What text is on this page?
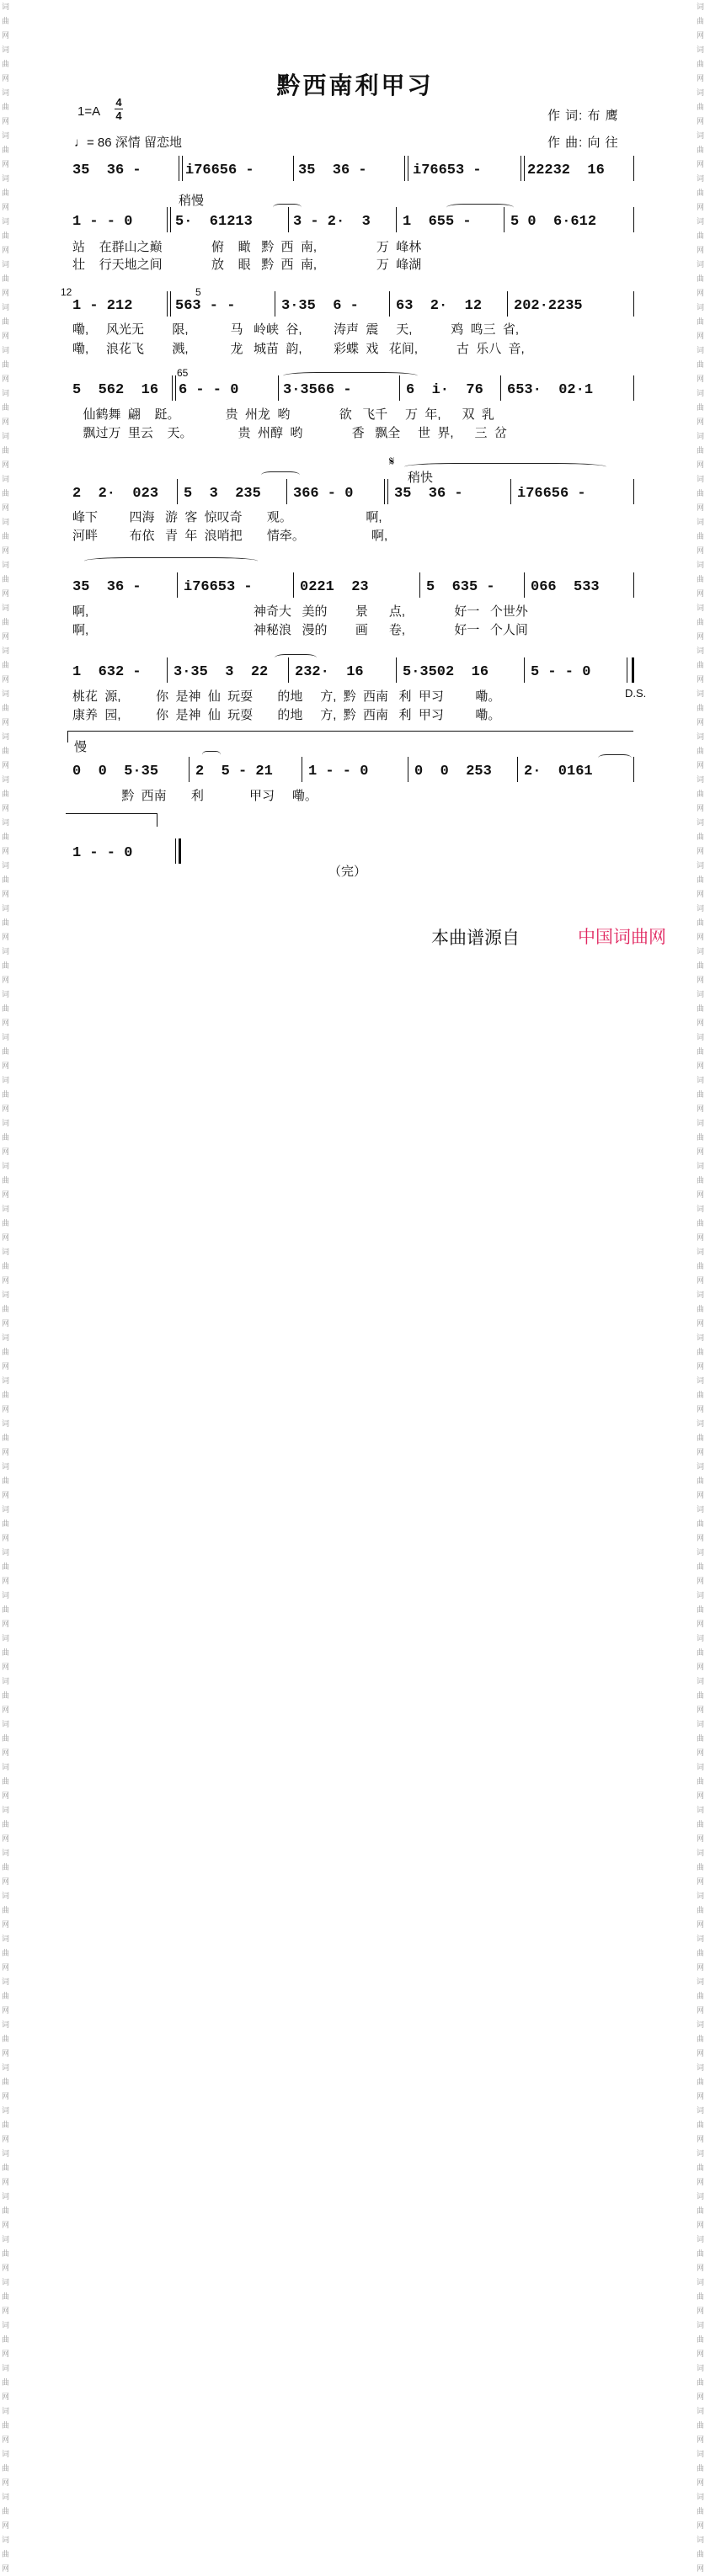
词曲网 词曲网 词曲网 词曲网 词曲网 词曲网 词曲网 词曲网 词曲网 词曲网 词曲网 词曲网 词曲网 词曲网 词曲网 词曲网 词曲网 词曲网 词曲网 词曲网 词曲网 词曲网 词曲网 词曲网 词曲网 词曲网 词曲网 词曲网 词曲网 词曲网 词曲网 词曲网 词曲网 词曲网 词曲网 词曲网 词曲网 词曲网 词曲网 词曲网 词曲网 词曲网 词曲网 词曲网 词曲网 词曲网 词曲网 词曲网 词曲网 词曲网 词曲网 词曲网 词曲网 词曲网 词曲网 词曲网 词曲网 词曲网 词曲网 词曲网
词曲网 词曲网 词曲网 词曲网 词曲网 词曲网 词曲网 词曲网 词曲网 词曲网 词曲网 词曲网 词曲网 词曲网 词曲网 词曲网 词曲网 词曲网 词曲网 词曲网 词曲网 词曲网 词曲网 词曲网 词曲网 词曲网 词曲网 词曲网 词曲网 词曲网 词曲网 词曲网 词曲网 词曲网 词曲网 词曲网 词曲网 词曲网 词曲网 词曲网 词曲网 词曲网 词曲网 词曲网 词曲网 词曲网 词曲网 词曲网 词曲网 词曲网 词曲网 词曲网 词曲网 词曲网 词曲网 词曲网 词曲网 词曲网 词曲网 词曲网
黔西南利甲习
1=A
4
4
♩= 86 深情 留恋地
作 词: 布 鹰
作 曲: 向 往

35  36 -

	i76656 -

	35  36 -

	i76653 -

	22232  16

稍慢

1 - - 0

	5·  61213

	3 - 2·  3

1  655 -

	5 0  6·612

站    在群山之巅              俯    瞰   黔  西  南,                 万  峰林
壮    行天地之间              放    眼   黔  西  南,                 万  峰湖
12	5

1 - 212

	563 - -

	3·35  6 -

	63  2·  12

202·2235

嘞,     风光无        限,            马   岭峡  谷,         涛声  震     天,           鸡  鸣三  省,
嘞,     浪花飞        溅,            龙   城苗  韵,         彩蝶  戏   花间,           古  乐八  音,
65

5  562  16

6 - - 0

	3·3566 -

	6  i·  76

653·  02·1

仙鹤舞  翩    跹。             贵  州龙  哟              欲   飞千     万  年,      双  乳
飘过万  里云    天。             贵  州醇  哟              香   飘全     世  界,      三  岔
𝄋
稍快

2  2·  023

5  3  235

366 - 0

	35  36 -

	i76656 -

峰下         四海   游  客  惊叹奇       观。                     啊,
河畔         布依   青  年  浪哨把       情牵。                   啊,

35  36 -

	i76653 -

	0221  23

	5  635 -

066  533

啊,                                               神奇大   美的        景      点,              好一   个世外
啊,                                               神秘浪   漫的        画      卷,              好一   个人间

1  632 -

3·35  3  22

232·  16

	5·3502  16

	5 - - 0

D.S.
桃花  源,          你  是神  仙  玩耍       的地     方,  黔  西南   利  甲习         嘞。
康养  园,          你  是神  仙  玩耍       的地     方,  黔  西南   利  甲习         嘞。
慢

0  0  5·35

	2  5 - 21

1 - - 0

	0  0  253

2·  0161

黔  西南       利             甲习     嘞。

1 - - 0

（完）
本曲谱源自	中国词曲网
